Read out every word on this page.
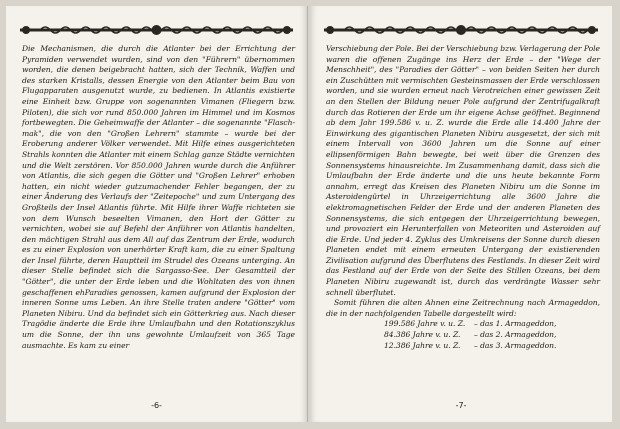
Die Mechanismen, die durch die Atlanter bei der Errichtung der Pyramiden verwendet wurden, sind von den "Führern" übernommen worden, die denen beigebracht hatten, sich der Technik, Waffen und des starken Kristalls, dessen Energie von den Atlanter beim Bau von Flugapparaten ausgenutzt wurde, zu bedienen. In Atlantis existierte eine Einheit bzw. Gruppe von sogenannten Vimanen (Fliegern bzw. Piloten), die sich vor rund 850.000 Jahren im Himmel und im Kosmos fortbewegten. Die Geheimwaffe der Atlanter – die sogenannte "Flasch-mak", die von den "Großen Lehrern" stammte – wurde bei der Eroberung anderer Völker verwendet. Mit Hilfe eines ausgerichteten Strahls konnten die Atlanter mit einem Schlag ganze Städte vernichten und die Welt zerstören. Vor 850.000 Jahren wurde durch die Anführer von Atlantis, die sich gegen die Götter und "Großen Lehrer" erhoben hatten, ein nicht wieder gutzumachender Fehler begangen, der zu einer Änderung des Verlaufs der "Zeitepoche" und zum Untergang des Großteils der Insel Atlantis führte. Mit Hilfe ihrer Waffe richteten sie von dem Wunsch beseelten Vimanen, den Hort der Götter zu vernichten, wobei sie auf Befehl der Anführer von Atlantis handelten, den mächtigen Strahl aus dem All auf das Zentrum der Erde, wodurch es zu einer Explosion von unerhörter Kraft kam, die zu einer Spaltung der Insel führte, deren Hauptteil im Strudel des Ozeans unterging. An dieser Stelle befindet sich die Sargasso-See. Der Gesamtteil der "Götter", die unter der Erde leben und die Wohltaten des von ihnen geschaffenen ehParadies genossen, kamen aufgrund der Explosion der inneren Sonne ums Leben. An ihre Stelle traten andere "Götter" vom Planeten Nibiru. Und da befindet sich ein Götterkrieg aus. Nach dieser Tragödie änderte die Erde ihre Umlaufbahn und den Rotationszyklus um die Sonne, der ihn uns gewohnte Umlaufzeit von 365 Tage ausmachte. Es kam zu einer

-6-

Verschiebung der Pole. Bei der Verschiebung bzw. Verlagerung der Pole waren die offenen Zugänge ins Herz der Erde – der "Wege der Menschheit", des "Paradies der Götter" – von beiden Seiten her durch ein Zuschütten mit vermischten Gesteinsmassen der Erde verschlossen worden, und sie wurden erneut nach Verotreichen einer gewissen Zeit an den Stellen der Bildung neuer Pole aufgrund der Zentrifugalkraft durch das Rotieren der Erde um ihr eigene Achse geöffnet. Beginnend ab dem Jahr 199.586 v. u. Z. wurde die Erde alle 14.400 Jahre der Einwirkung des gigantischen Planeten Nibiru ausgesetzt, der sich mit einem Intervall von 3600 Jahren um die Sonne auf einer ellipsenförmigen Bahn bewegte, bei weit über die Grenzen des Sonnensystems hinausreichte. Im Zusammenhang damit, dass sich die Umlaufbahn der Erde änderte und die uns heute bekannte Form annahm, erregt das Kreisen des Planeten Nibiru um die Sonne im Asteroidengürtel in Uhrzeigerrichtung alle 3600 Jahre die elektromagnetischen Felder der Erde und der anderen Planeten des Sonnensystems, die sich entgegen der Uhrzeigerrichtung bewegen, und provoziert ein Herunterfallen von Meteoriten und Asteroiden auf die Erde. Und jeder 4. Zyklus des Umkreisens der Sonne durch diesen Planeten endet mit einem erneuten Untergang der existierenden Zivilisation aufgrund des Überflutens des Festlands. In dieser Zeit wird das Festland auf der Erde von der Seite des Stillen Ozeans, bei dem Planeten Nibiru zugewandt ist, durch das verdrängte Wasser sehr schnell überflutet.

Somit führen die alten Ahnen eine Zeitrechnung nach Armageddon, die in der nachfolgenden Tabelle dargestellt wird:

199.586 Jahre v. u. Z.	– das 1. Armageddon,
84.386 Jahre v. u. Z.	– das 2. Armageddon,
12.386 Jahre v. u. Z.	– das 3. Armageddon.
-7-
